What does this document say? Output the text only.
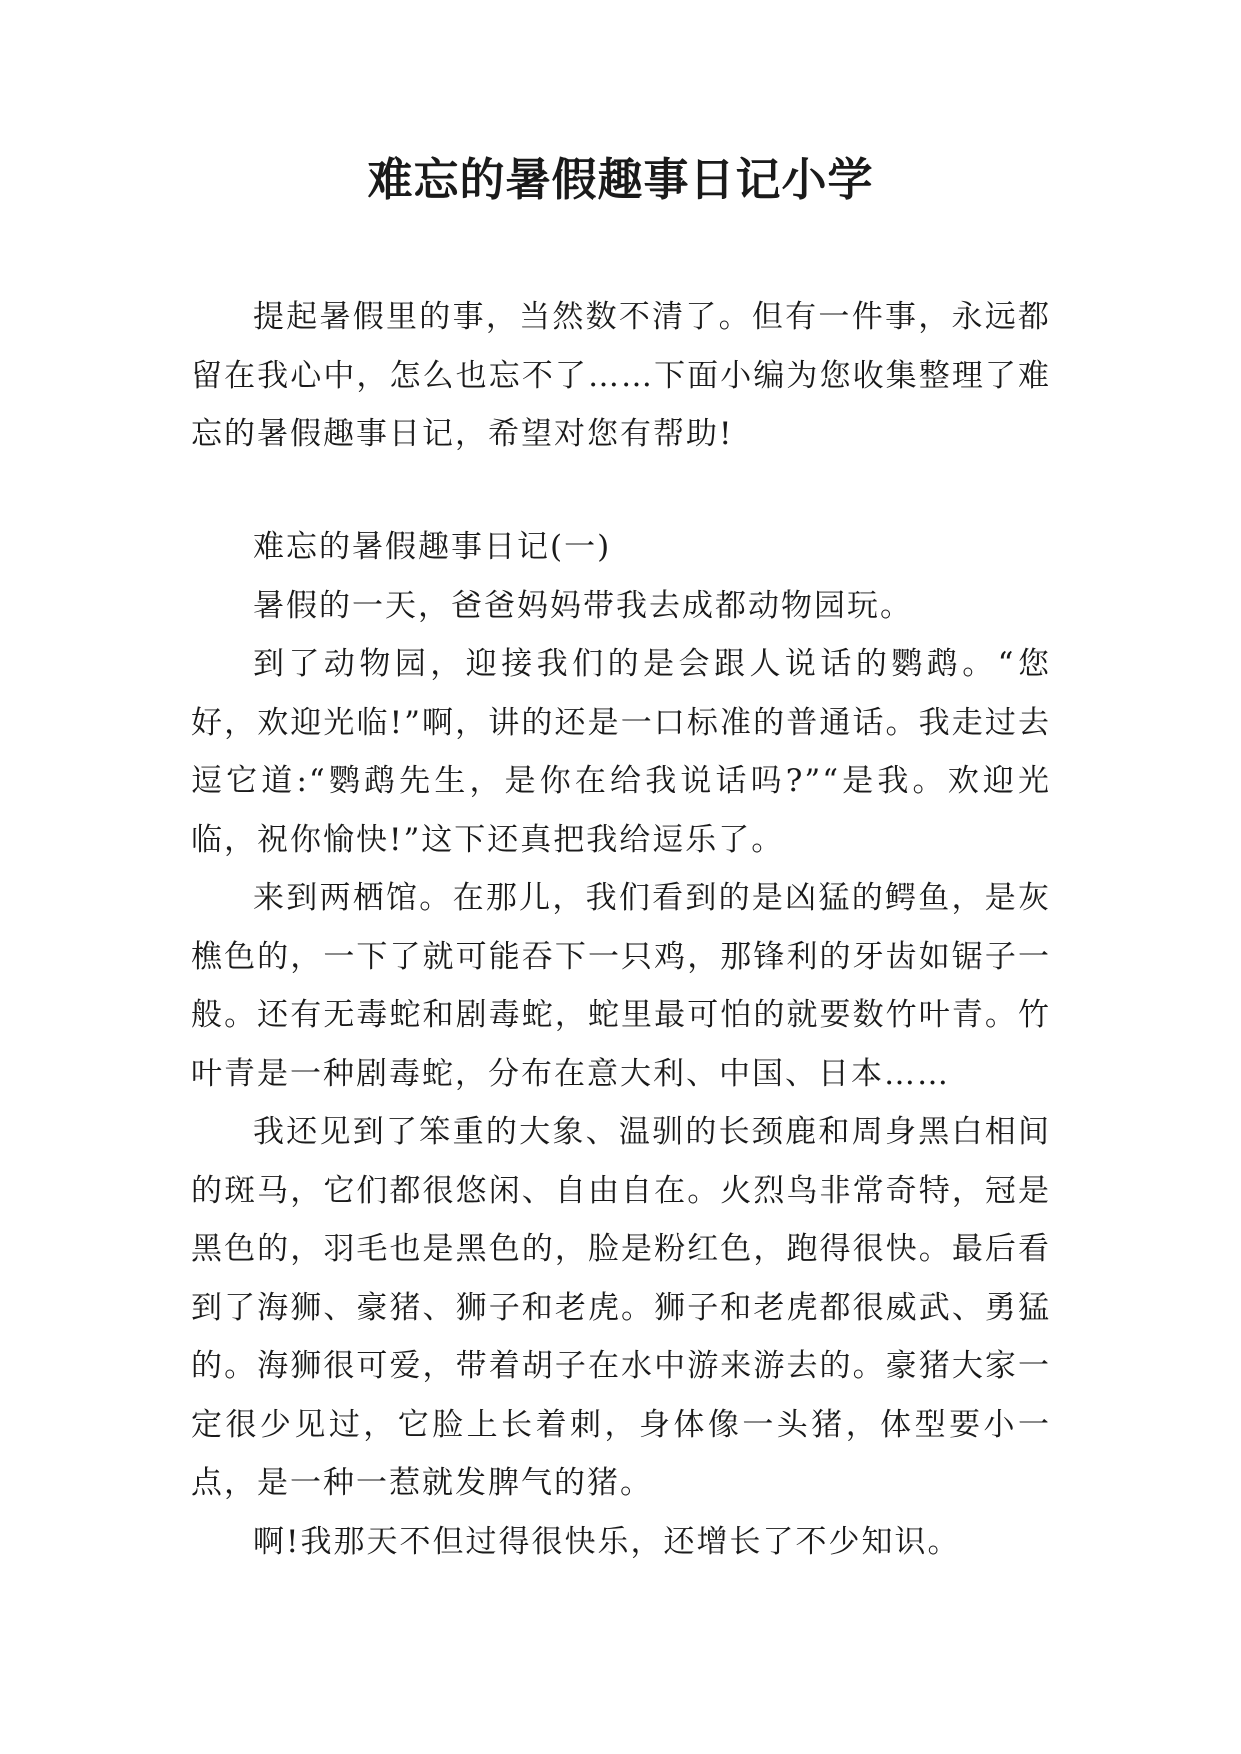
难忘的暑假趣事日记小学

提起暑假里的事，当然数不清了。但有一件事，永远都留在我心中，怎么也忘不了……下面小编为您收集整理了难忘的暑假趣事日记，希望对您有帮助!

难忘的暑假趣事日记(一)

暑假的一天，爸爸妈妈带我去成都动物园玩。

到了动物园，迎接我们的是会跟人说话的鹦鹉。“您好，欢迎光临!”啊，讲的还是一口标准的普通话。我走过去逗它道:“鹦鹉先生，是你在给我说话吗?”“是我。欢迎光临，祝你愉快!”这下还真把我给逗乐了。

来到两栖馆。在那儿，我们看到的是凶猛的鳄鱼，是灰樵色的，一下了就可能吞下一只鸡，那锋利的牙齿如锯子一般。还有无毒蛇和剧毒蛇，蛇里最可怕的就要数竹叶青。竹叶青是一种剧毒蛇，分布在意大利、中国、日本……

我还见到了笨重的大象、温驯的长颈鹿和周身黑白相间的斑马，它们都很悠闲、自由自在。火烈鸟非常奇特，冠是黑色的，羽毛也是黑色的，脸是粉红色，跑得很快。最后看到了海狮、豪猪、狮子和老虎。狮子和老虎都很威武、勇猛的。海狮很可爱，带着胡子在水中游来游去的。豪猪大家一定很少见过，它脸上长着刺，身体像一头猪，体型要小一点，是一种一惹就发脾气的猪。

啊!我那天不但过得很快乐，还增长了不少知识。
